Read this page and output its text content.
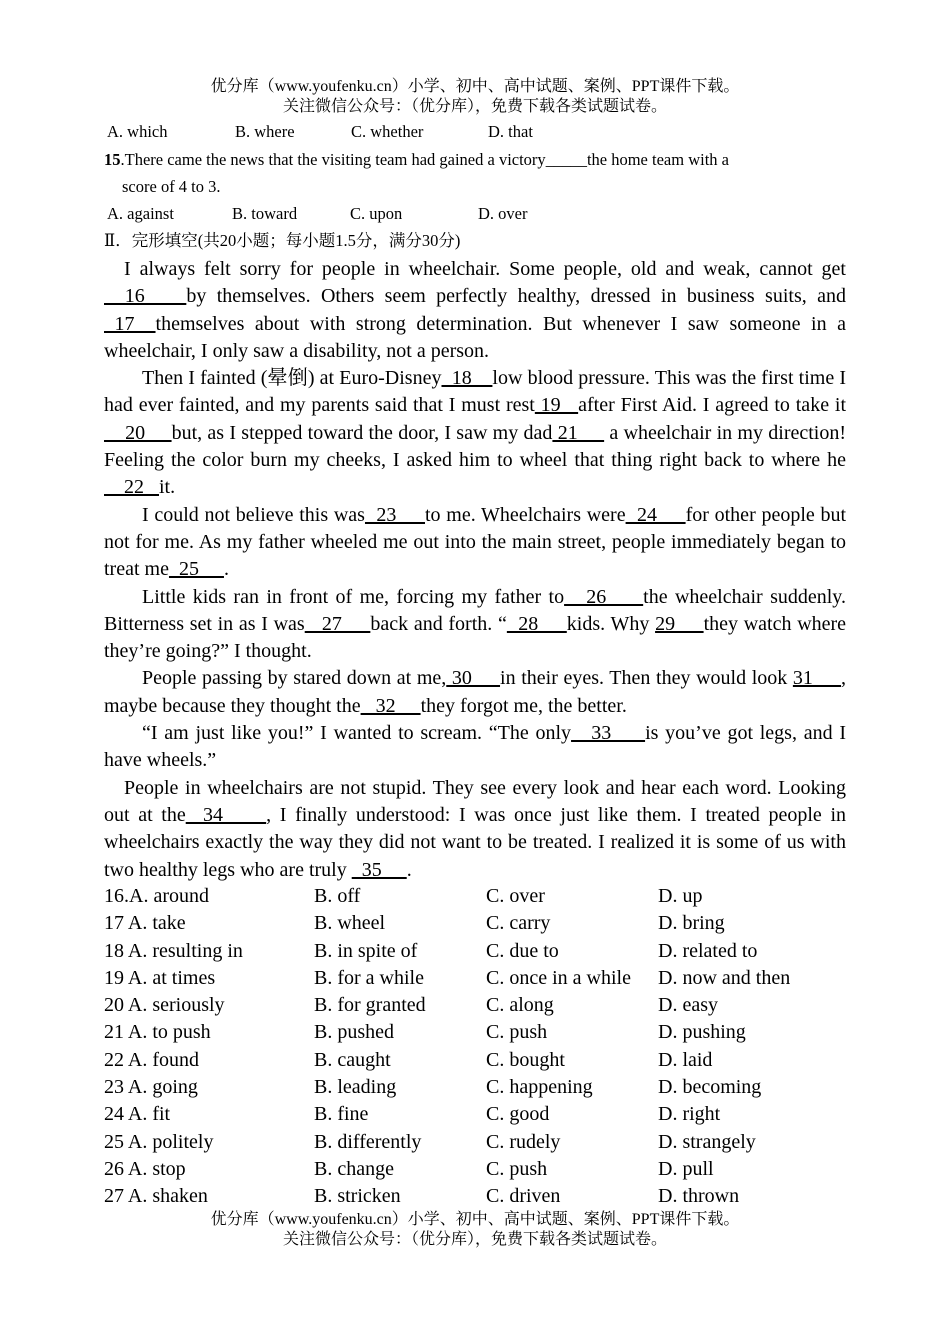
优分库（www.youfenku.cn）小学、初中、高中试题、案例、PPT课件下载。
关注微信公众号：（优分库），免费下载各类试题试卷。
A. which	B. where	C. whether	D. that
15.There came the news that the visiting team had gained a victory_____the home team with a
score of 4 to 3.
A. against	B. toward	C. upon	D. over
Ⅱ．完形填空(共20小题；每小题1.5分，满分30分)

I always felt sorry for people in wheelchair. Some people, old and weak, cannot get  16    by themselves. Others seem perfectly healthy, dressed in business suits, and  17  themselves about with strong determination. But whenever I saw someone in a wheelchair, I only saw a disability, not a person.

Then I fainted (晕倒) at Euro-Disney  18    low blood pressure. This was the first time I had ever fainted, and my parents said that I must rest 19   after First Aid. I agreed to take it    20     but, as I stepped toward the door, I saw my dad 21      a wheelchair in my direction! Feeling the color burn my cheeks, I asked him to wheel that thing right back to where he    22   it.

I could not believe this was  23     to me. Wheelchairs were  24     for other people but not for me. As my father wheeled me out into the main street, people immediately began to treat me  25     .

Little kids ran in front of me, forcing my father to   26     the wheelchair suddenly. Bitterness set in as I was   27     back and forth. “  28     kids. Why 29     they watch where they’re going?” I thought.

People passing by stared down at me, 30     in their eyes. Then they would look 31     , maybe because they thought the   32     they forgot me, the better.

“I am just like you!” I wanted to scream. “The only   33     is you’ve got legs, and I have wheels.”

People in wheelchairs are not stupid. They see every look and hear each word. Looking out at the  34     , I finally understood: I was once just like them. I treated people in wheelchairs exactly the way they did not want to be treated. I realized it is some of us with two healthy legs who are truly   35     .

16.A. around	B. off	C. over	D. up
17 A. take	B. wheel	C. carry	D. bring
18 A. resulting in	B. in spite of	C. due to	D. related to
19 A. at times	B. for a while	C. once in a while	D. now and then
20 A. seriously	B. for granted	C. along	D. easy
21 A. to push	B. pushed	C. push	D. pushing
22 A. found	B. caught	C. bought	D. laid
23 A. going	B. leading	C. happening	D. becoming
24 A. fit	B. fine	C. good	D. right
25 A. politely	B. differently	C. rudely	D. strangely
26 A. stop	B. change	C. push	D. pull
27 A. shaken	B. stricken	C. driven	D. thrown
优分库（www.youfenku.cn）小学、初中、高中试题、案例、PPT课件下载。
关注微信公众号：（优分库），免费下载各类试题试卷。
